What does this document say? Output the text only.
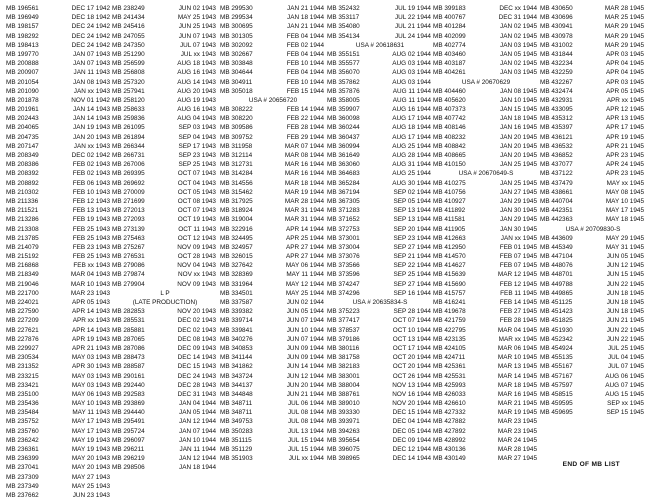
MB 196561	DEC 17 1942
MB 196949	DEC 18 1942
MB 198157	DEC 24 1942
MB 198292	DEC 24 1942
MB 198413	DEC 24 1942
MB 199770	JAN 07 1943
MB 200888	JAN 07 1943
MB 200907	JAN 11 1943
MB 201054	JAN 08 1943
MB 201090	JAN xx 1943
MB 201878	NOV 01 1942
MB 201961	JAN 14 1943
MB 202443	JAN 14 1943
MB 204065	JAN 19 1943
MB 204735	JAN 20 1943
MB 207147	JAN xx 1943
MB 208349	DEC 02 1942
MB 208386	FEB 02 1943
MB 208392	FEB 02 1943
MB 208892	FEB 06 1943
MB 210302	FEB 10 1943
MB 211336	FEB 12 1943
MB 211521	FEB 13 1943
MB 213286	FEB 19 1943
MB 213308	FEB 25 1943
MB 213785	FEB 25 1943
MB 214079	FEB 23 1943
MB 215192	FEB 25 1943
MB 216868	FEB xx 1943
MB 218349	MAR 04 1943
MB 219046	MAR 10 1943
MB 221700	MAR 23 1943
MB 224021	APR 05 1943
MB 227590	APR 14 1943
MB 227209	APR xx 1943
MB 227621	APR 14 1943
MB 227876	APR 19 1943
MB 229927	APR 21 1943
MB 230534	MAY 03 1943
MB 231352	APR 30 1943
MB 233215	MAY 03 1943
MB 233421	MAY 03 1943
MB 235100	MAY 06 1943
MB 235436	MAY 10 1943
MB 235484	MAY 11 1943
MB 235752	MAY 17 1943
MB 235760	MAY 17 1943
MB 236242	MAY 19 1943
MB 236361	MAY 19 1943
MB 236399	MAY 20 1943
MB 237041	MAY 20 1943
MB 237309	MAY 27 1943
MB 237349	MAY 25 1943
MB 237662	JUN 23 1943
MB 238249	JUN 02 1943
MB 241434	MAY 25 1943
MB 245416	JUN 25 1943
MB 247055	JUN 07 1943
MB 247350	JUL 07 1943
MB 251290	JUL xx 1943
MB 256599	AUG 18 1943
MB 256808	AUG 16 1943
MB 257320	AUG 14 1943
MB 257941	AUG 20 1943
MB 258120	AUG 19 1943
MB 258633	AUG 16 1943
MB 259836	AUG 04 1943
MB 261095	SEP 03 1943
MB 261894	SEP 04 1943
MB 266344	SEP 17 1943
MB 266731	SEP 23 1943
MB 267006	SEP 25 1943
MB 269395	OCT 07 1943
MB 269692	OCT 04 1943
MB 270009	OCT 05 1943
MB 271699	OCT 08 1943
MB 272013	OCT 07 1943
MB 272093	OCT 19 1943
MB 273139	OCT 11 1943
MB 275463	OCT 12 1943
MB 275267	NOV 09 1943
MB 276531	OCT 28 1943
MB 279086	NOV 04 1943
MB 279874	NOV xx 1943
MB 279904	NOV 09 1943
L P
(LATE PRODUCTION)
MB 282853	NOV 20 1943
MB 285531	DEC 02 1943
MB 285881	DEC 02 1943
MB 287065	DEC 08 1943
MB 287086	DEC 09 1943
MB 288473	DEC 14 1943
MB 288587	DEC 15 1943
MB 290161	DEC 24 1943
MB 292440	DEC 28 1943
MB 292583	DEC 31 1943
MB 293869	JAN 04 1944
MB 294440	JAN 05 1944
MB 295491	JAN 12 1944
MB 295724	JAN 07 1944
MB 296097	JAN 10 1944
MB 296211	JAN 11 1944
MB 296219	JAN 12 1944
MB 298506	JAN 18 1944
MB 299530	JAN 21 1944
MB 299534	JAN 18 1944
MB 300695	JAN 21 1944
MB 301305	FEB 04 1944
MB 302092	FEB 02 1944
MB 302667	FEB 04 1944
MB 303848	FEB 10 1944
MB 304644	FEB 04 1944
MB 304911	FEB 10 1944
MB 305018	FEB 15 1944
USA # 20656720
MB 308222	FEB 14 1944
MB 308220	FEB 22 1944
MB 309586	FEB 28 1944
MB 309752	FEB 29 1944
MB 311958	MAR 07 1944
MB 312114	MAR 08 1944
MB 312731	MAR 16 1944
MB 314284	MAR 16 1944
MB 314556	MAR 18 1944
MB 315462	MAR 19 1944
MB 317925	MAR 28 1944
MB 318924	MAR 31 1944
MB 319004	MAR 31 1944
MB 322916	APR 14 1944
MB 324495	APR 25 1944
MB 324957	APR 27 1944
MB 326015	APR 27 1944
MB 327642	MAY 06 1944
MB 328369	MAY 11 1944
MB 331964	MAY 12 1944
MB 334501	MAY 25 1944
MB 337587	JUN 02 1944
MB 339382	JUN 05 1944
MB 339714	JUN 07 1944
MB 339841	JUN 10 1944
MB 340276	JUN 07 1944
MB 340853	JUN 09 1944
MB 341144	JUN 09 1944
MB 341862	JUN 14 1944
MB 343724	JUN 12 1944
MB 344137	JUN 20 1944
MB 344848	JUN 21 1944
MB 348711	JUL 06 1944
MB 348711	JUL 08 1944
MB 349753	JUL 08 1944
MB 350283	JUL 13 1944
MB 351115	JUL 15 1944
MB 351129	JUL 15 1944
MB 351903	JUL xx 1944
MB 352432	JUL 19 1944
MB 353117	JUL 22 1944
MB 354080	JUL 21 1944
MB 354134	JUL 24 1944
USA # 20618631
MB 355151	AUG 02 1944
MB 355577	AUG 03 1944
MB 356070	AUG 03 1944
MB 357862	AUG 03 1944
MB 357876	AUG 11 1944
MB 358005	AUG 11 1944
MB 359907	AUG 16 1944
MB 360098	AUG 17 1944
MB 360244	AUG 18 1944
MB 360437	AUG 17 1944
MB 360994	AUG 25 1944
MB 361649	AUG 28 1944
MB 363060	AUG 31 1944
MB 364683	AUG 25 1944
MB 365284	AUG 30 1944
MB 367194	SEP 02 1944
MB 367305	SEP 05 1944
MB 371283	SEP 13 1944
MB 371652	SEP 13 1944
MB 372753	SEP 20 1944
MB 373001	SEP 23 1944
MB 373004	SEP 27 1944
MB 373076	SEP 21 1944
MB 373566	SEP 22 1944
MB 373596	SEP 25 1944
MB 374247	SEP 27 1944
MB 374296	SEP 16 1944
USA # 20635834-S
MB 375223	SEP 28 1944
MB 377417	OCT 07 1944
MB 378537	OCT 10 1944
MB 379186	OCT 13 1944
MB 380116	OCT 17 1944
MB 381758	OCT 20 1944
MB 382183	OCT 20 1944
MB 383001	OCT 26 1944
MB 388004	NOV 13 1944
MB 388761	NOV 16 1944
MB 389010	NOV 20 1944
MB 393330	DEC 15 1944
MB 393971	DEC 04 1944
MB 394263	DEC 05 1944
MB 395654	DEC 09 1944
MB 396075	DEC 12 1944
MB 398965	DEC 14 1944
MB 399183	DEC xx 1944
MB 400767	DEC 31 1944
MB 401284	JAN 02 1945
MB 402099	JAN 02 1945
MB 402774	JAN 03 1945
MB 403460	JAN 05 1945
MB 403187	JAN 02 1945
MB 404261	JAN 03 1945
USA # 20670629
MB 404460	JAN 08 1945
MB 405620	JAN 10 1945
MB 407373	JAN 15 1945
MB 407742	JAN 18 1945
MB 408146	JAN 16 1945
MB 408232	JAN 20 1945
MB 408842	JAN 20 1945
MB 408665	JAN 20 1945
MB 410150	JAN 25 1945
USA # 20670649-S
MB 410275	JAN 25 1945
MB 410756	JAN 27 1945
MB 410927	JAN 29 1945
MB 411892	JAN 30 1945
MB 411581	JAN 29 1945
MB 411905	JAN 30 1945
MB 412663	JAN xx 1945
MB 412950	FEB 01 1945
MB 414570	FEB 07 1945
MB 414627	FEB 07 1945
MB 415639	MAR 12 1945
MB 415690	FEB 12 1945
MB 415757	FEB 11 1945
MB 416241	FEB 14 1945
MB 419678	FEB 27 1945
MB 421759	FEB 28 1945
MB 422795	MAR 04 1945
MB 423135	MAR xx 1945
MB 424105	MAR 06 1945
MB 424711	MAR 10 1945
MB 425361	MAR 13 1945
MB 425531	MAR 14 1945
MB 425993	MAR 18 1945
MB 426033	MAR 16 1945
MB 426610	MAR 21 1945
MB 427332	MAR 19 1945
MB 427882	MAR 23 1945
MB 427892	MAR 23 1945
MB 428992	MAR 24 1945
MB 430136	MAR 28 1945
MB 430149	MAR 27 1945
MB 430650	MAR 28 1945
MB 430696	MAR 25 1945
MB 430941	MAR 29 1945
MB 430978	MAR 29 1945
MB 431002	MAR 29 1945
MB 431844	APR 03 1945
MB 432234	APR 04 1945
MB 432259	APR 04 1945
MB 432267	APR 03 1945
MB 432474	APR 05 1945
MB 432931	APR xx 1945
MB 433095	APR 12 1945
MB 435312	APR 13 1945
MB 435397	APR 17 1945
MB 436121	APR 19 1945
MB 436532	APR 21 1945
MB 436852	APR 23 1945
MB 437077	APR 24 1945
MB 437122	APR 23 1945
MB 437479	MAY xx 1945
MB 438661	MAY 08 1945
MB 440704	MAY 10 1945
MB 442351	MAY 17 1945
MB 442363	MAY 18 1945
USA # 20709830-S
MB 443609	MAY 29 1945
MB 445349	MAY 31 1945
MB 447104	JUN 05 1945
MB 448076	JUN 12 1945
MB 448701	JUN 15 1945
MB 449788	JUN 22 1945
MB 449865	JUN 18 1945
MB 451125	JUN 18 1945
MB 451423	JUN 18 1945
MB 451825	JUN 21 1945
MB 451930	JUN 22 1945
MB 452342	JUN 22 1945
MB 454924	JUL 25 1945
MB 455135	JUL 04 1945
MB 455167	JUL 07 1945
MB 457167	AUG 06 1945
MB 457597	AUG 07 1945
MB 458515	AUG 15 1945
MB 459595	SEP xx 1945
MB 459695	SEP 15 1945
END OF MB LIST
